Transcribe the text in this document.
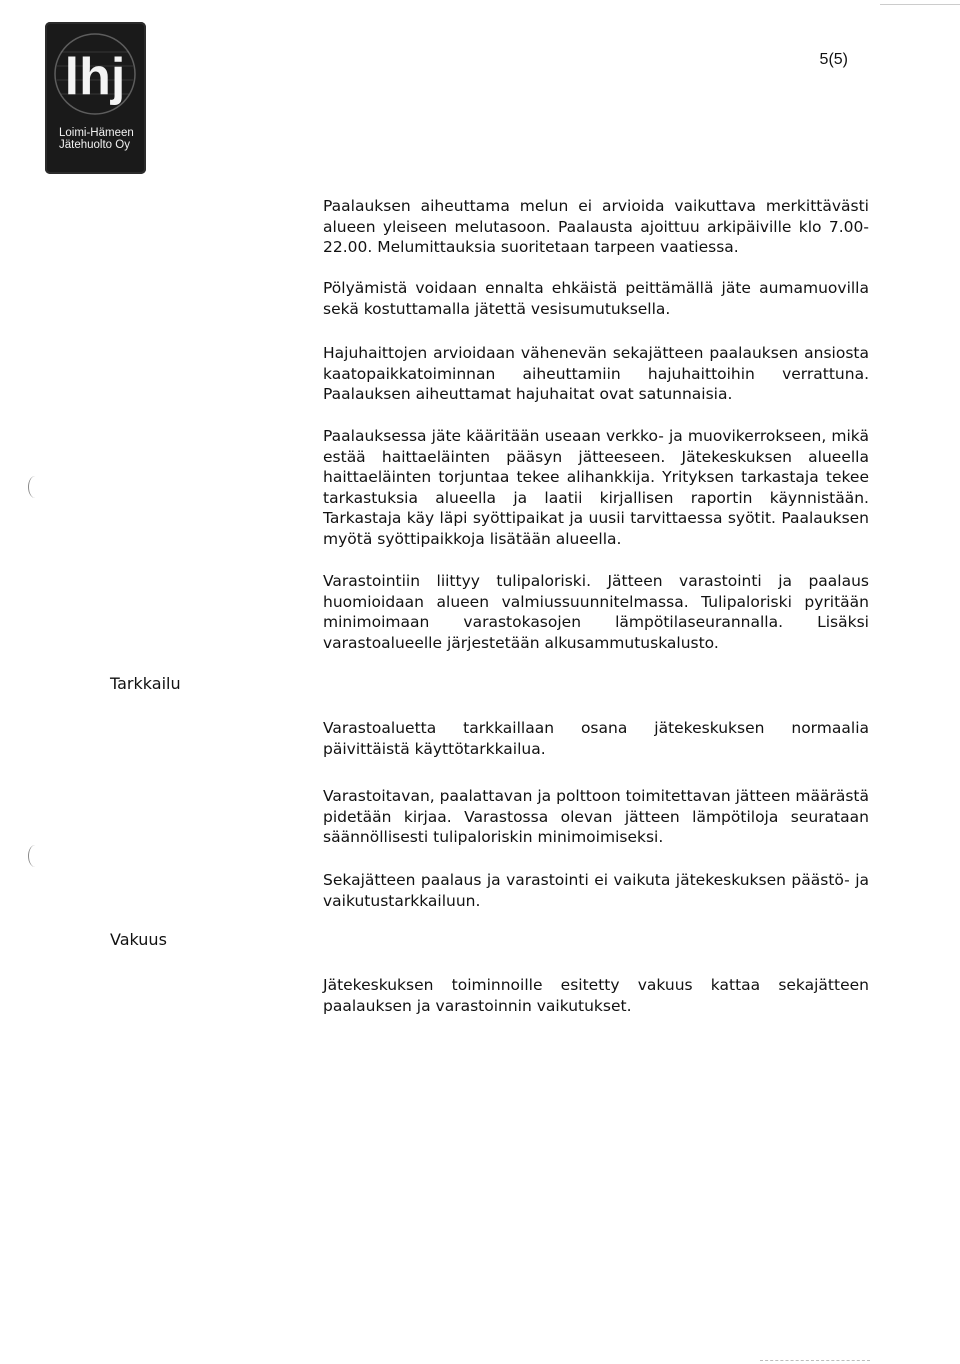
lhj
Loimi-Hämeen
Jätehuolto Oy
5(5)

Paalauksen aiheuttama melun ei arvioida vaikuttava merkittävästi alueen yleiseen melutasoon. Paalausta ajoittuu arkipäiville klo 7.00-22.00. Melumittauksia suoritetaan tarpeen vaatiessa.

Pölyämistä voidaan ennalta ehkäistä peittämällä jäte aumamuovilla sekä kostuttamalla jätettä vesisumutuksella.

Hajuhaittojen arvioidaan vähenevän sekajätteen paalauksen ansiosta kaatopaikkatoiminnan aiheuttamiin hajuhaittoihin verrattuna. Paalauksen aiheuttamat hajuhaitat ovat satunnaisia.

Paalauksessa jäte kääritään useaan verkko- ja muovikerrokseen, mikä estää haittaeläinten pääsyn jätteeseen. Jätekeskuksen alueella haittaeläinten torjuntaa tekee alihankkija. Yrityksen tarkastaja tekee tarkastuksia alueella ja laatii kirjallisen raportin käynnistään. Tarkastaja käy läpi syöttipaikat ja uusii tarvittaessa syötit. Paalauksen myötä syöttipaikkoja lisätään alueella.

Varastointiin liittyy tulipaloriski. Jätteen varastointi ja paalaus huomioidaan alueen valmiussuunnitelmassa. Tulipaloriski pyritään minimoimaan varastokasojen lämpötilaseurannalla. Lisäksi varastoalueelle järjestetään alkusammutuskalusto.

Tarkkailu

Varastoaluetta tarkkaillaan osana jätekeskuksen normaalia päivittäistä käyttötarkkailua.

Varastoitavan, paalattavan ja polttoon toimitettavan jätteen määrästä pidetään kirjaa. Varastossa olevan jätteen lämpötiloja seurataan säännöllisesti tulipaloriskin minimoimiseksi.

Sekajätteen paalaus ja varastointi ei vaikuta jätekeskuksen päästö- ja vaikutustarkkailuun.

Vakuus

Jätekeskuksen toiminnoille esitetty vakuus kattaa sekajätteen paalauksen ja varastoinnin vaikutukset.
